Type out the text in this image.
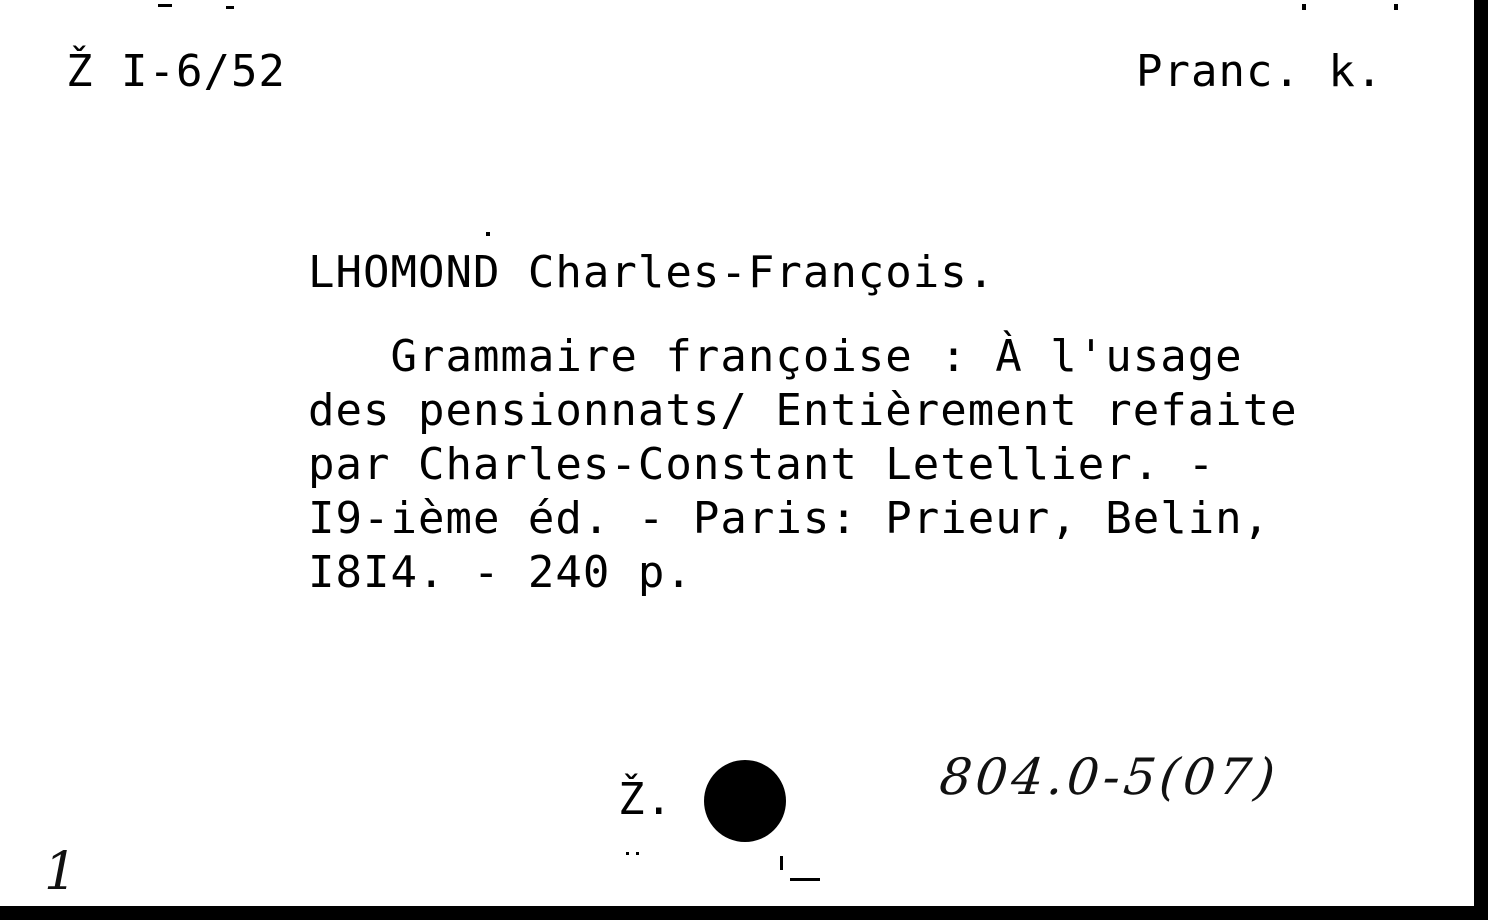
Ž I-6/52	Pranc. k.
LHOMOND Charles-François.
Grammaire françoise : À l'usage
des pensionnats/ Entièrement refaite
par Charles-Constant Letellier. -
I9-ième éd. - Paris: Prieur, Belin,
I8I4. - 240 p.
Ž.	804.0-5(07)
1
